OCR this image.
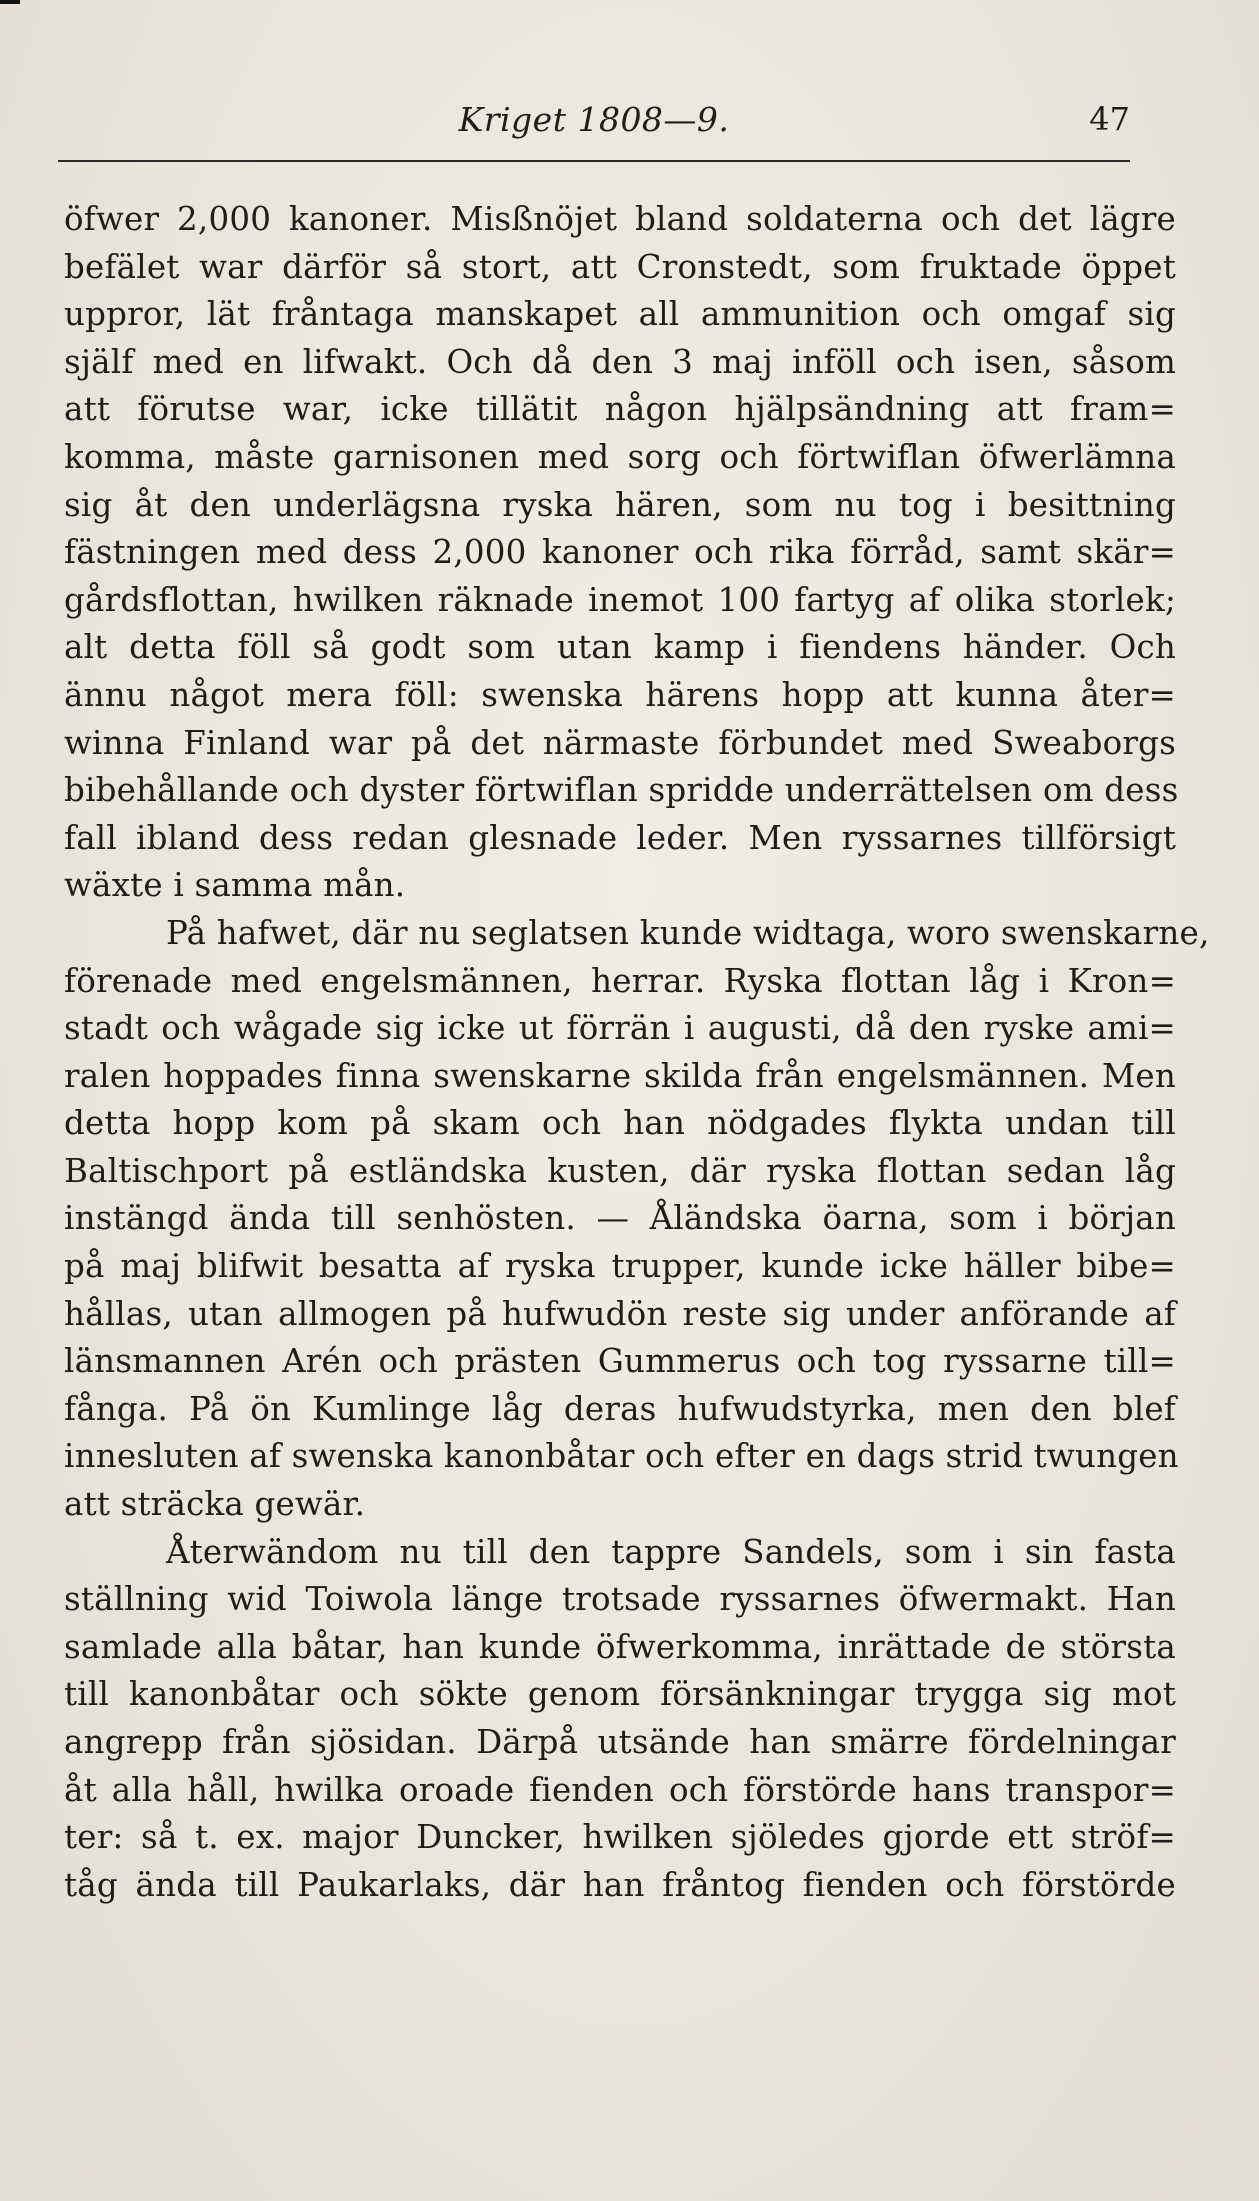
Kriget 1808—9.	47
öfwer 2,000 kanoner. Misßnöjet bland soldaterna och det lägre
befälet war därför så stort, att Cronstedt, som fruktade öppet
uppror, lät fråntaga manskapet all ammunition och omgaf sig
själf med en lifwakt. Och då den 3 maj inföll och isen, såsom
att förutse war, icke tillätit någon hjälpsändning att fram=
komma, måste garnisonen med sorg och förtwiflan öfwerlämna
sig åt den underlägsna ryska hären, som nu tog i besittning
fästningen med dess 2,000 kanoner och rika förråd, samt skär=
gårdsflottan, hwilken räknade inemot 100 fartyg af olika storlek;
alt detta föll så godt som utan kamp i fiendens händer. Och
ännu något mera föll: swenska härens hopp att kunna åter=
winna Finland war på det närmaste förbundet med Sweaborgs
bibehållande och dyster förtwiflan spridde underrättelsen om dess
fall ibland dess redan glesnade leder. Men ryssarnes tillförsigt
wäxte i samma mån.
På hafwet, där nu seglatsen kunde widtaga, woro swenskarne,
förenade med engelsmännen, herrar. Ryska flottan låg i Kron=
stadt och wågade sig icke ut förrän i augusti, då den ryske ami=
ralen hoppades finna swenskarne skilda från engelsmännen. Men
detta hopp kom på skam och han nödgades flykta undan till
Baltischport på estländska kusten, där ryska flottan sedan låg
instängd ända till senhösten. — Åländska öarna, som i början
på maj blifwit besatta af ryska trupper, kunde icke häller bibe=
hållas, utan allmogen på hufwudön reste sig under anförande af
länsmannen Arén och prästen Gummerus och tog ryssarne till=
fånga. På ön Kumlinge låg deras hufwudstyrka, men den blef
innesluten af swenska kanonbåtar och efter en dags strid twungen
att sträcka gewär.
Återwändom nu till den tappre Sandels, som i sin fasta
ställning wid Toiwola länge trotsade ryssarnes öfwermakt. Han
samlade alla båtar, han kunde öfwerkomma, inrättade de största
till kanonbåtar och sökte genom försänkningar trygga sig mot
angrepp från sjösidan. Därpå utsände han smärre fördelningar
åt alla håll, hwilka oroade fienden och förstörde hans transpor=
ter: så t. ex. major Duncker, hwilken sjöledes gjorde ett ströf=
tåg ända till Paukarlaks, där han fråntog fienden och förstörde
